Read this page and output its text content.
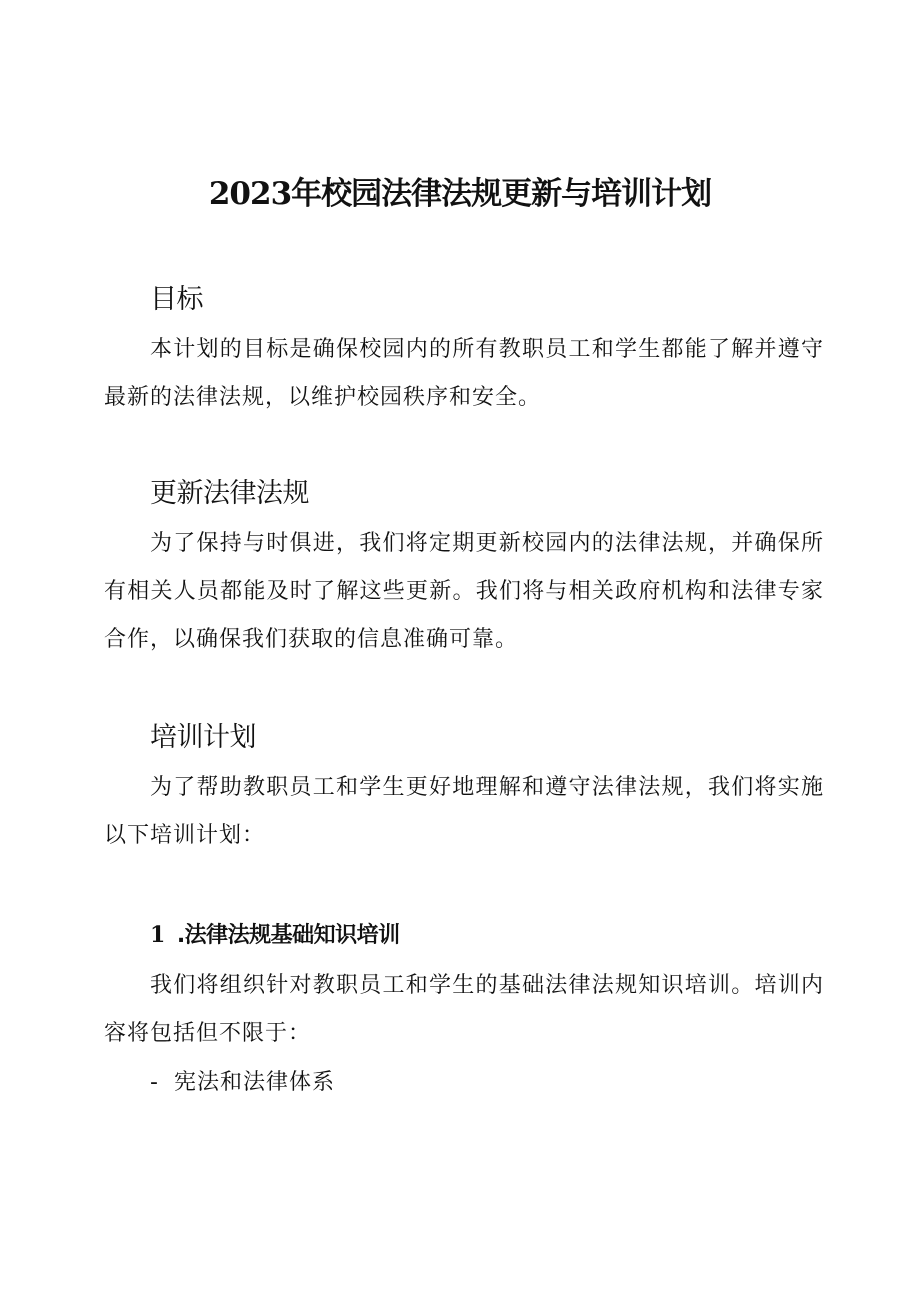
2023年校园法律法规更新与培训计划
目标

本计划的目标是确保校园内的所有教职员工和学生都能了解并遵守最新的法律法规，以维护校园秩序和安全。

更新法律法规

为了保持与时俱进，我们将定期更新校园内的法律法规，并确保所有相关人员都能及时了解这些更新。我们将与相关政府机构和法律专家合作，以确保我们获取的信息准确可靠。

培训计划

为了帮助教职员工和学生更好地理解和遵守法律法规，我们将实施以下培训计划：

1 .法律法规基础知识培训

我们将组织针对教职员工和学生的基础法律法规知识培训。培训内容将包括但不限于：

- 宪法和法律体系
